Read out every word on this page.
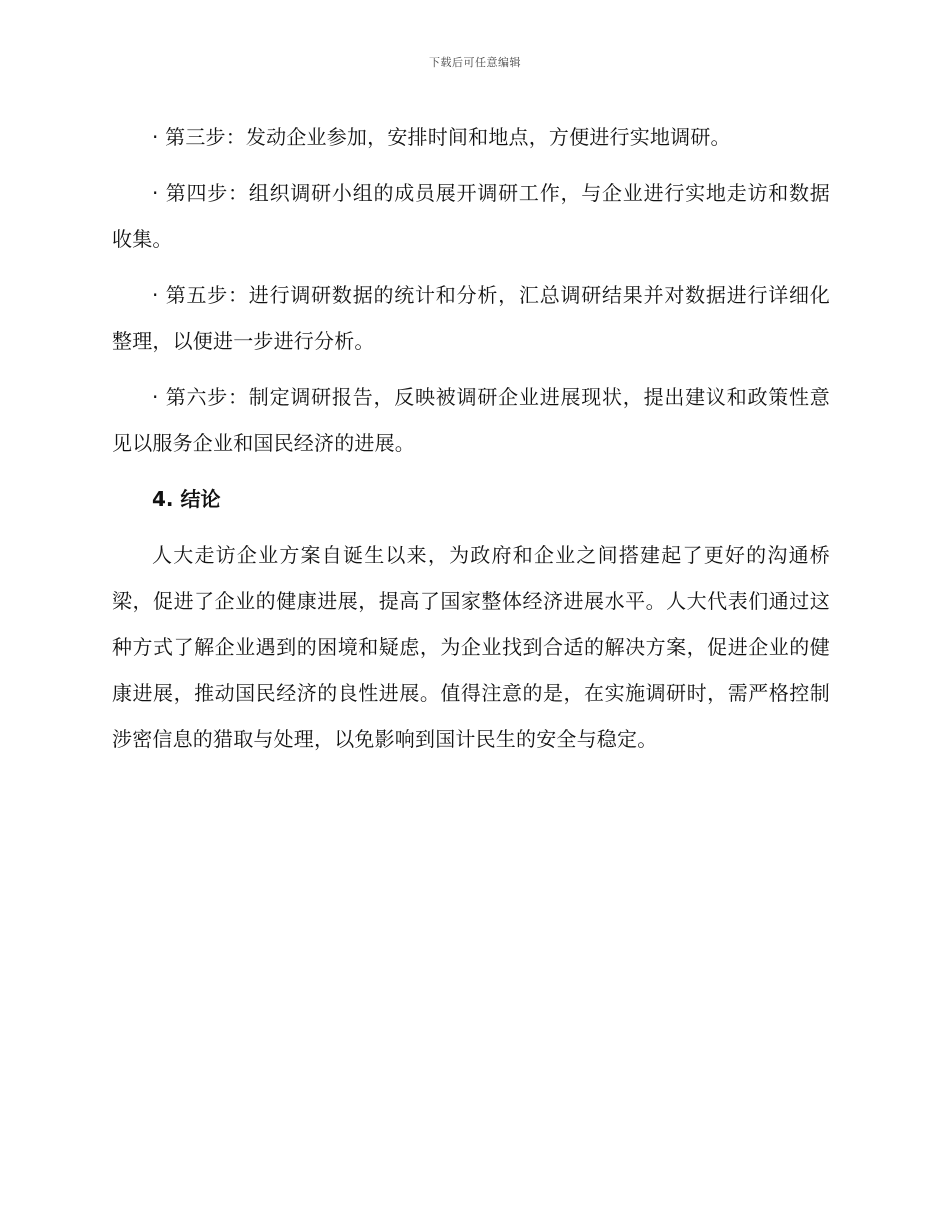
下载后可任意编辑

· 第三步：发动企业参加，安排时间和地点，方便进行实地调研。

· 第四步：组织调研小组的成员展开调研工作，与企业进行实地走访和数据收集。

· 第五步：进行调研数据的统计和分析，汇总调研结果并对数据进行详细化整理，以便进一步进行分析。

· 第六步：制定调研报告，反映被调研企业进展现状，提出建议和政策性意见以服务企业和国民经济的进展。

4. 结论

人大走访企业方案自诞生以来，为政府和企业之间搭建起了更好的沟通桥梁，促进了企业的健康进展，提高了国家整体经济进展水平。人大代表们通过这种方式了解企业遇到的困境和疑虑，为企业找到合适的解决方案，促进企业的健康进展，推动国民经济的良性进展。值得注意的是，在实施调研时，需严格控制涉密信息的猎取与处理，以免影响到国计民生的安全与稳定。
